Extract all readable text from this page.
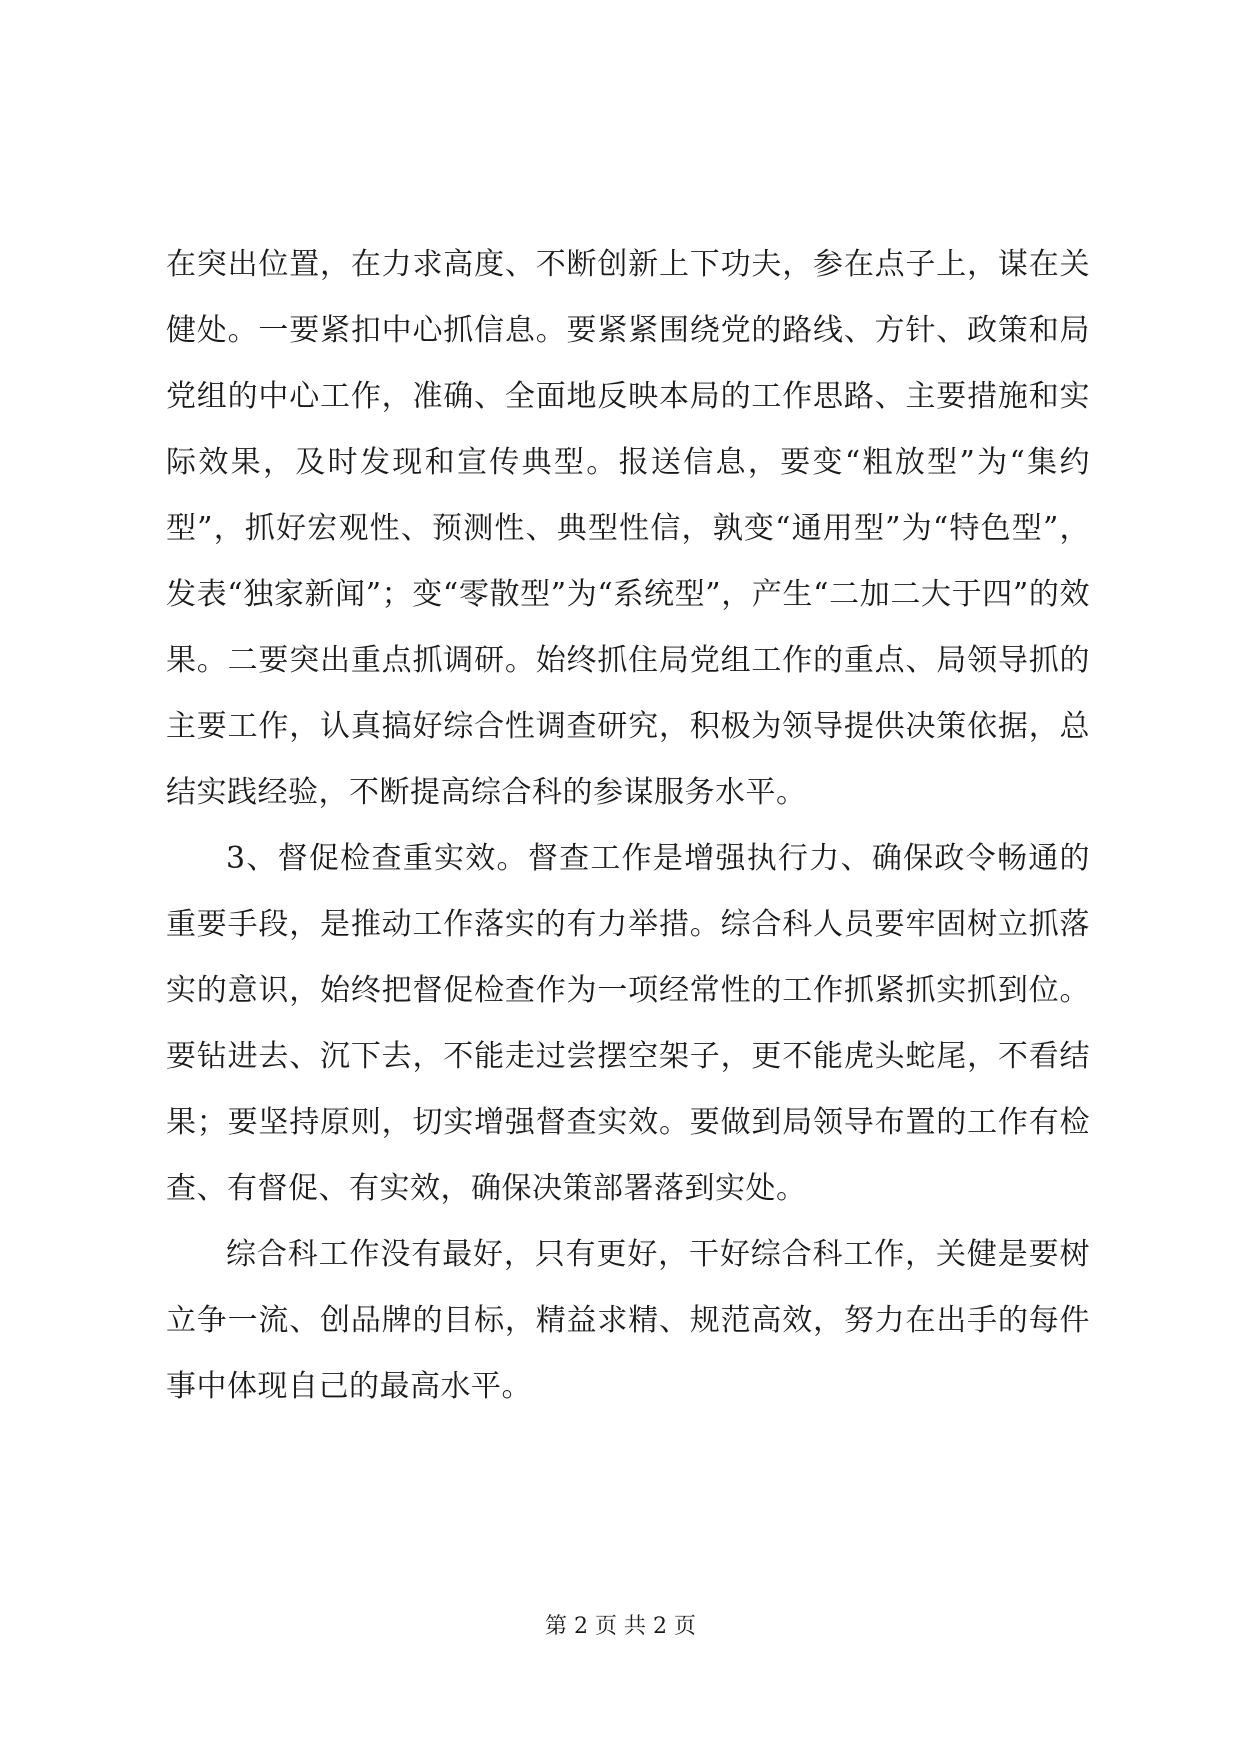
在突出位置，在力求高度、不断创新上下功夫，参在点子上，谋在关健处。一要紧扣中心抓信息。要紧紧围绕党的路线、方针、政策和局党组的中心工作，准确、全面地反映本局的工作思路、主要措施和实际效果，及时发现和宣传典型。报送信息，要变“粗放型”为“集约型”，抓好宏观性、预测性、典型性信，孰变“通用型”为“特色型”，发表“独家新闻”；变“零散型”为“系统型”，产生“二加二大于四”的效果。二要突出重点抓调研。始终抓住局党组工作的重点、局领导抓的主要工作，认真搞好综合性调查研究，积极为领导提供决策依据，总结实践经验，不断提高综合科的参谋服务水平。

3、督促检查重实效。督查工作是增强执行力、确保政令畅通的重要手段，是推动工作落实的有力举措。综合科人员要牢固树立抓落实的意识，始终把督促检查作为一项经常性的工作抓紧抓实抓到位。要钻进去、沉下去，不能走过尝摆空架子，更不能虎头蛇尾，不看结果；要坚持原则，切实增强督查实效。要做到局领导布置的工作有检查、有督促、有实效，确保决策部署落到实处。

综合科工作没有最好，只有更好，干好综合科工作，关健是要树立争一流、创品牌的目标，精益求精、规范高效，努力在出手的每件事中体现自己的最高水平。

第 2 页 共 2 页
